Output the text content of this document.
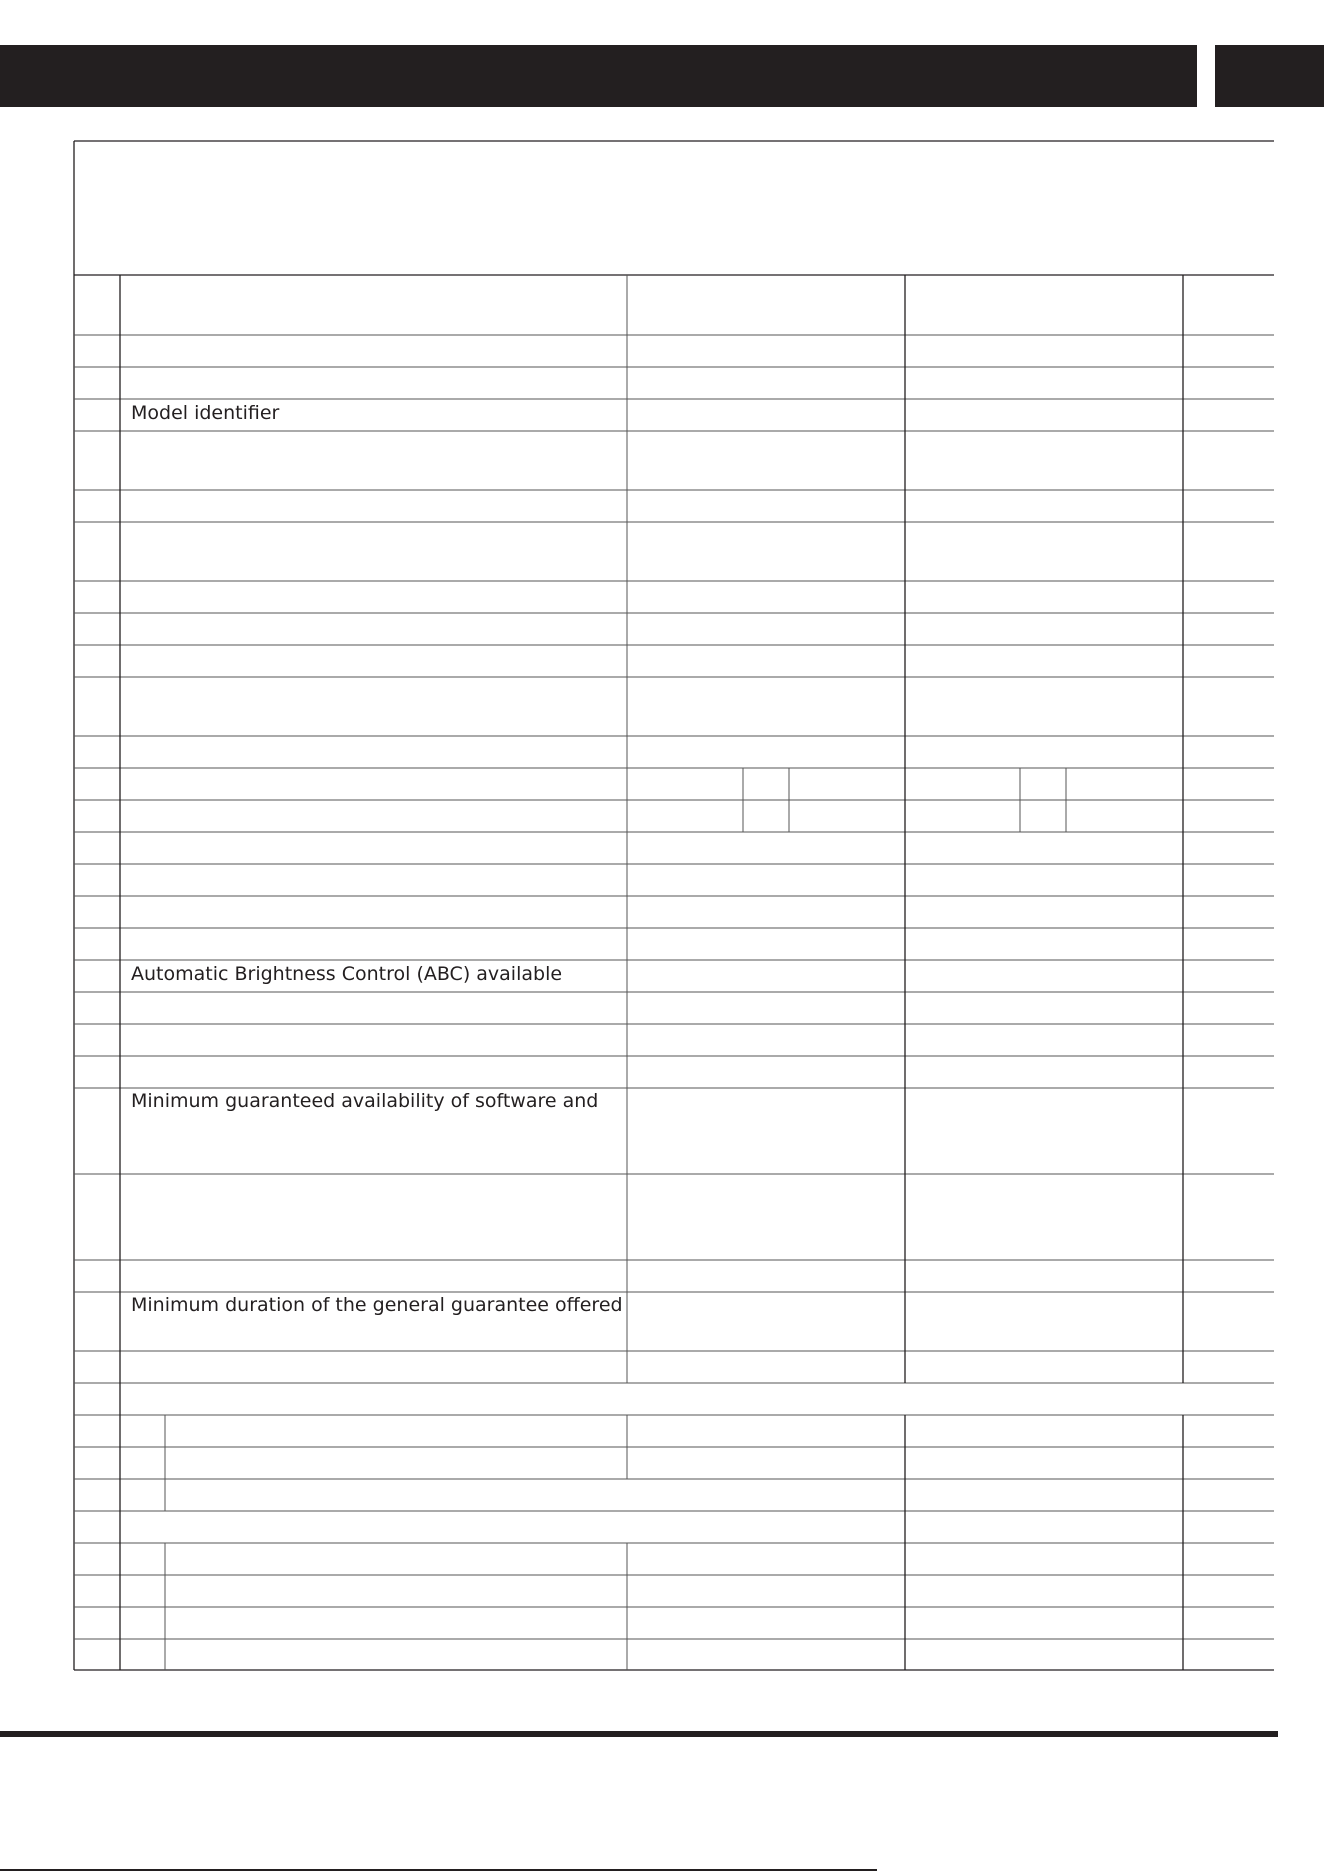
Model identifier
Automatic Brightness Control (ABC) available
Minimum guaranteed availability of software and
Minimum duration of the general guarantee offered
